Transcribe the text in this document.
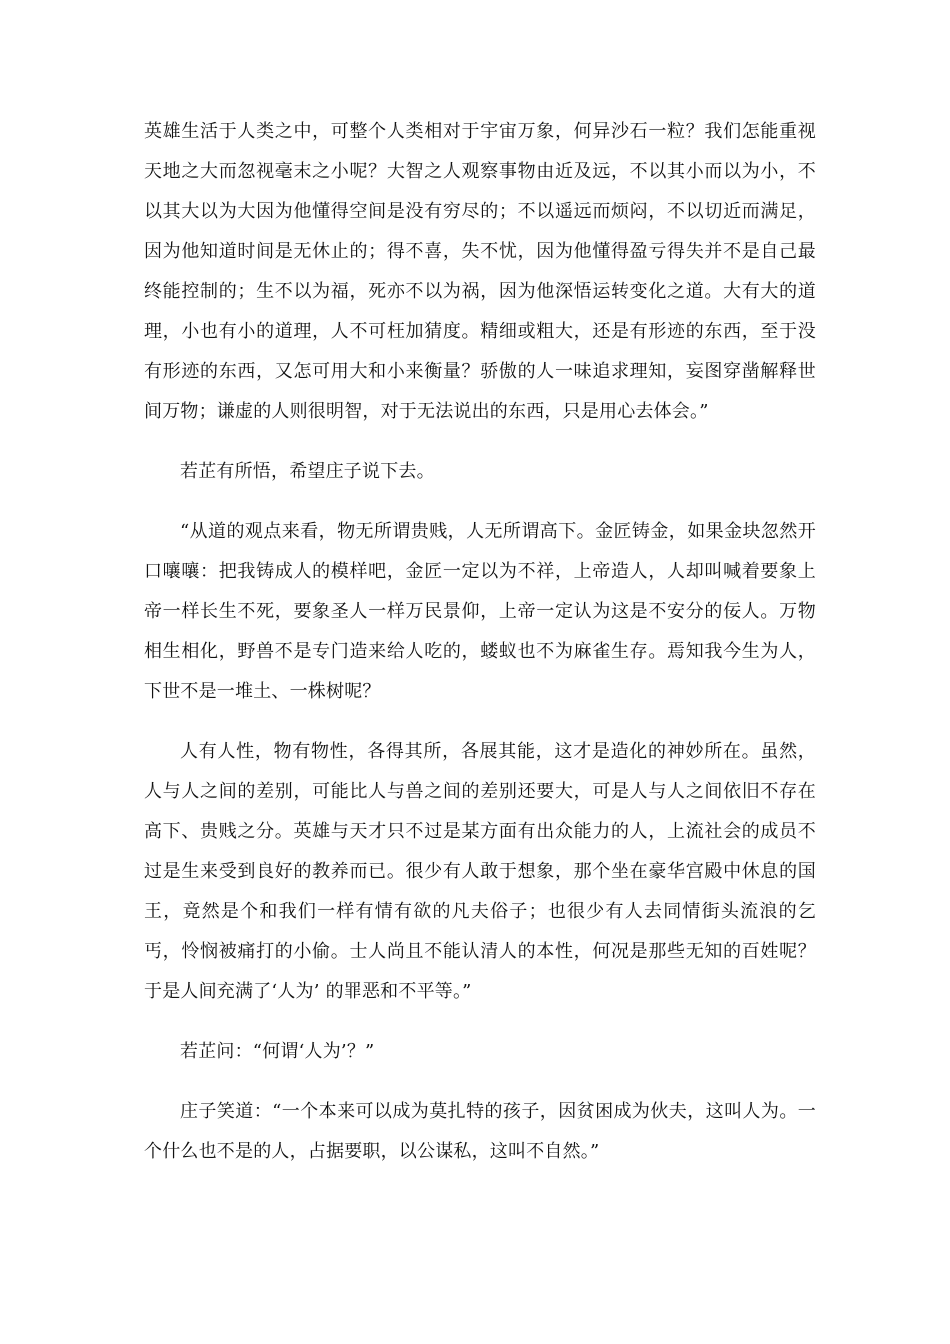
英雄生活于人类之中，可整个人类相对于宇宙万象，何异沙石一粒？我们怎能重视天地之大而忽视毫末之小呢？大智之人观察事物由近及远，不以其小而以为小，不以其大以为大因为他懂得空间是没有穷尽的；不以遥远而烦闷，不以切近而满足，因为他知道时间是无休止的；得不喜，失不忧，因为他懂得盈亏得失并不是自己最终能控制的；生不以为福，死亦不以为祸，因为他深悟运转变化之道。大有大的道理，小也有小的道理，人不可枉加猜度。精细或粗大，还是有形迹的东西，至于没有形迹的东西，又怎可用大和小来衡量？骄傲的人一味追求理知，妄图穿凿解释世间万物；谦虚的人则很明智，对于无法说出的东西，只是用心去体会。”

若芷有所悟，希望庄子说下去。

“从道的观点来看，物无所谓贵贱，人无所谓高下。金匠铸金，如果金块忽然开口嚷嚷：把我铸成人的模样吧，金匠一定以为不祥，上帝造人，人却叫喊着要象上帝一样长生不死，要象圣人一样万民景仰，上帝一定认为这是不安分的佞人。万物相生相化，野兽不是专门造来给人吃的，蝼蚁也不为麻雀生存。焉知我今生为人，下世不是一堆土、一株树呢？

人有人性，物有物性，各得其所，各展其能，这才是造化的神妙所在。虽然，人与人之间的差别，可能比人与兽之间的差别还要大，可是人与人之间依旧不存在高下、贵贱之分。英雄与天才只不过是某方面有出众能力的人，上流社会的成员不过是生来受到良好的教养而已。很少有人敢于想象，那个坐在豪华宫殿中休息的国王，竟然是个和我们一样有情有欲的凡夫俗子；也很少有人去同情街头流浪的乞丐，怜悯被痛打的小偷。士人尚且不能认清人的本性，何况是那些无知的百姓呢？于是人间充满了‘人为’ 的罪恶和不平等。”

若芷问：“何谓‘人为’？”

庄子笑道：“一个本来可以成为莫扎特的孩子，因贫困成为伙夫，这叫人为。一个什么也不是的人，占据要职，以公谋私，这叫不自然。”
